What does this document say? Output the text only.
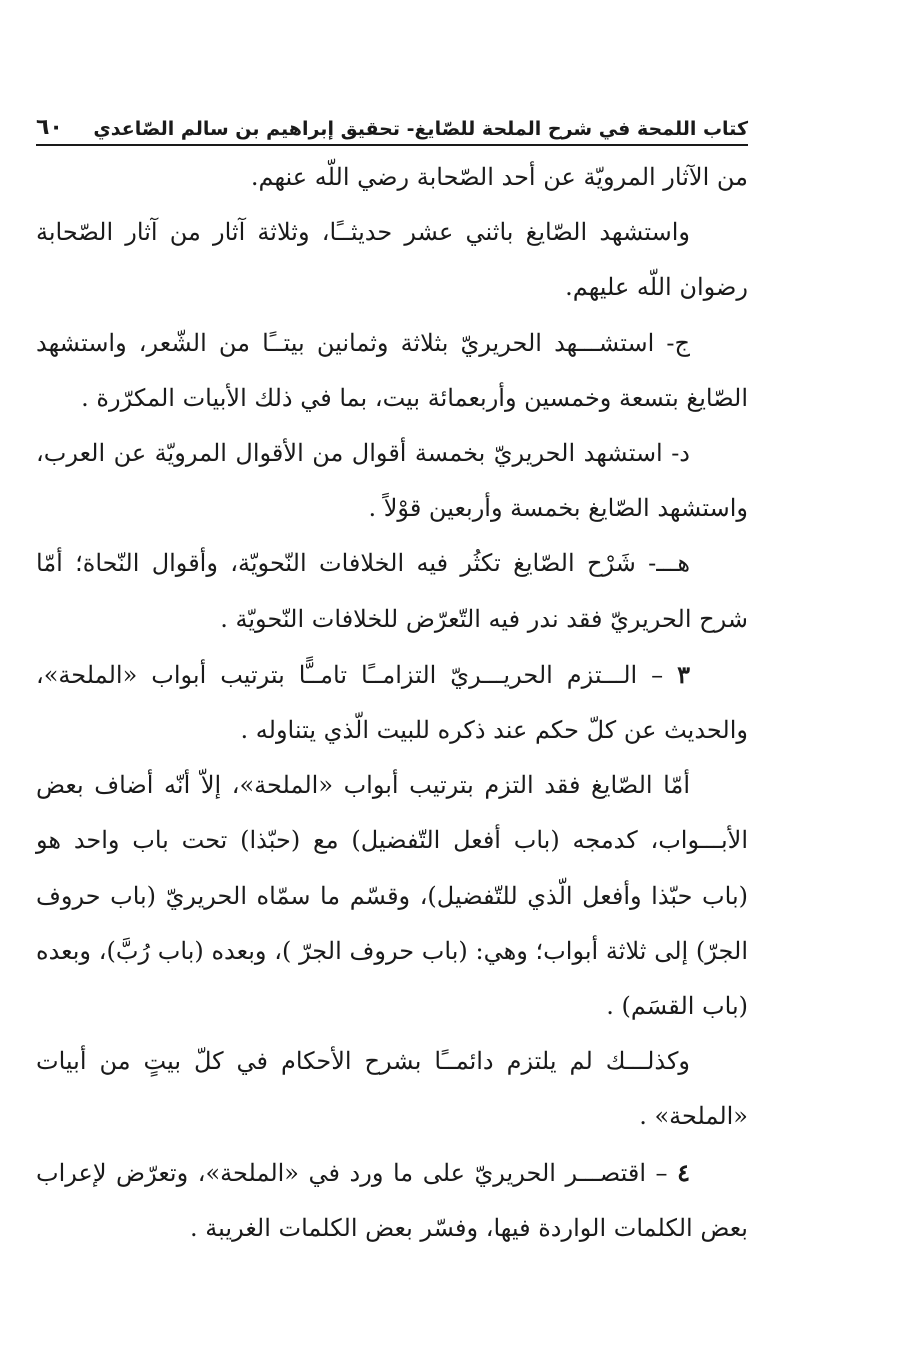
كتاب اللمحة في شرح الملحة للصّايغ- تحقيق إبراهيم بن سالم الصّاعدي
٦٠

من الآثار المرويّة عن أحد الصّحابة رضي اللّه عنهم.

واستشهد الصّايغ باثني عشر حديثــًا، وثلاثة آثار من آثار الصّحابة رضوان اللّه عليهم.

ج- استشـــهد الحريريّ بثلاثة وثمانين بيتــًا من الشّعر، واستشهد الصّايغ بتسعة وخمسين وأربعمائة بيت، بما في ذلك الأبيات المكرّرة .

د- استشهد الحريريّ بخمسة أقوال من الأقوال المرويّة عن العرب، واستشهد الصّايغ بخمسة وأربعين قوْلاً .

هـــ- شَرْح الصّايغ تكثُر فيه الخلافات النّحويّة، وأقوال النّحاة؛ أمّا شرح الحريريّ فقد ندر فيه التّعرّض للخلافات النّحويّة .

٣ – الـــتزم الحريـــريّ التزامــًا تامــًّا بترتيب أبواب «الملحة»، والحديث عن كلّ حكم عند ذكره للبيت الّذي يتناوله .

أمّا الصّايغ فقد التزم بترتيب أبواب «الملحة»، إلاّ أنّه أضاف بعض الأبـــواب، كدمجه (باب أفعل التّفضيل) مع (حبّذا) تحت باب واحد هو (باب حبّذا وأفعل الّذي للتّفضيل)، وقسّم ما سمّاه الحريريّ (باب حروف الجرّ) إلى ثلاثة أبواب؛ وهي: (باب حروف الجرّ )، وبعده (باب رُبَّ)، وبعده (باب القسَم) .

وكذلـــك لم يلتزم دائمــًا بشرح الأحكام في كلّ بيتٍ من أبيات «الملحة» .

٤ – اقتصـــر الحريريّ على ما ورد في «الملحة»، وتعرّض لإعراب بعض الكلمات الواردة فيها، وفسّر بعض الكلمات الغريبة .
